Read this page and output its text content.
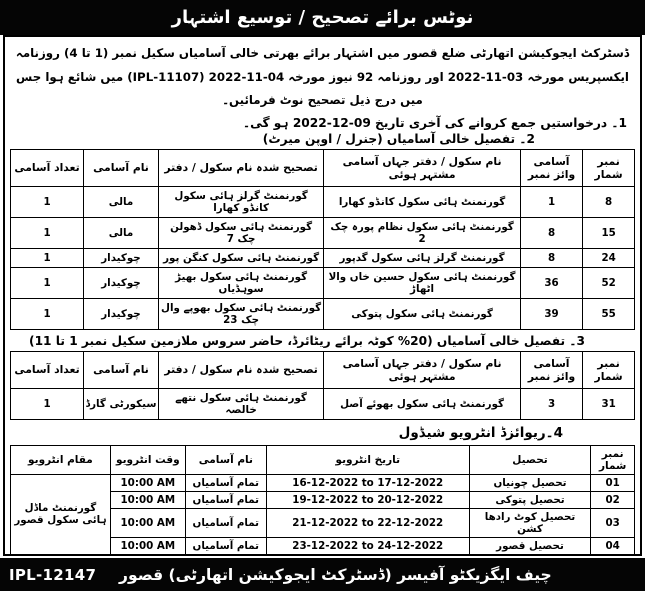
نوٹس برائے تصحیح / توسیع اشتہار

ڈسٹرکٹ ایجوکیشن اتھارٹی ضلع قصور میں اشتہار برائے بھرتی خالی آسامیاں سکیل نمبر (1 تا 4) روزنامہ ایکسپریس مورخہ 03-11-2022 اور روزنامہ 92 نیوز مورخہ 04-11-2022 (IPL-11107) میں شائع ہوا جس میں درج ذیل تصحیح نوٹ فرمائیں۔

1۔ درخواستیں جمع کروانے کی آخری تاریخ 09-12-2022 ہو گی۔

2۔ تفصیل خالی آسامیاں (جنرل / اوپن میرٹ)

نمبر شمار	آسامی وائز نمبر	نام سکول / دفتر جہاں آسامی مشتہر ہوئی	تصحیح شدہ نام سکول / دفتر	نام آسامی	تعداد آسامی
8	1	گورنمنٹ ہائی سکول کانڈو کھارا	گورنمنٹ گرلز ہائی سکول کانڈو کھارا	مالی	1
15	8	گورنمنٹ ہائی سکول نظام پورہ چک 2	گورنمنٹ ہائی سکول ڈھولن چک 7	مالی	1
24	8	گورنمنٹ گرلز ہائی سکول گدپور	گورنمنٹ ہائی سکول کنگن پور	چوکیدار	1
52	36	گورنمنٹ ہائی سکول حسین خاں والا اٹھاڑ	گورنمنٹ ہائی سکول بھیڑ سوہڈیاں	چوکیدار	1
55	39	گورنمنٹ ہائی سکول پتوکی	گورنمنٹ ہائی سکول بھوپے وال چک 23	چوکیدار	1

3۔ تفصیل خالی آسامیاں (20% کوٹہ برائے ریٹائرڈ، حاضر سروس ملازمین سکیل نمبر 1 تا 11)

نمبر شمار	آسامی وائز نمبر	نام سکول / دفتر جہاں آسامی مشتہر ہوئی	تصحیح شدہ نام سکول / دفتر	نام آسامی	تعداد آسامی
31	3	گورنمنٹ ہائی سکول بھوئے آصل	گورنمنٹ ہائی سکول نتھے خالصہ	سیکورٹی گارڈ	1

4۔ریوائزڈ انٹرویو شیڈول

نمبر شمار	تحصیل	تاریخ انٹرویو	نام آسامی	وقت انٹرویو	مقام انٹرویو
01	تحصیل چونیاں	16-12-2022 to 17-12-2022	تمام آسامیاں	10:00 AM	گورنمنٹ ماڈل ہائی سکول قصور
02	تحصیل پتوکی	19-12-2022 to 20-12-2022	تمام آسامیاں	10:00 AM	
03	تحصیل کوٹ رادھا کشن	21-12-2022 to 22-12-2022	تمام آسامیاں	10:00 AM	
04	تحصیل قصور	23-12-2022 to 24-12-2022	تمام آسامیاں	10:00 AM	

IPL-12147 چیف ایگزیکٹو آفیسر (ڈسٹرکٹ ایجوکیشن اتھارٹی) قصور
